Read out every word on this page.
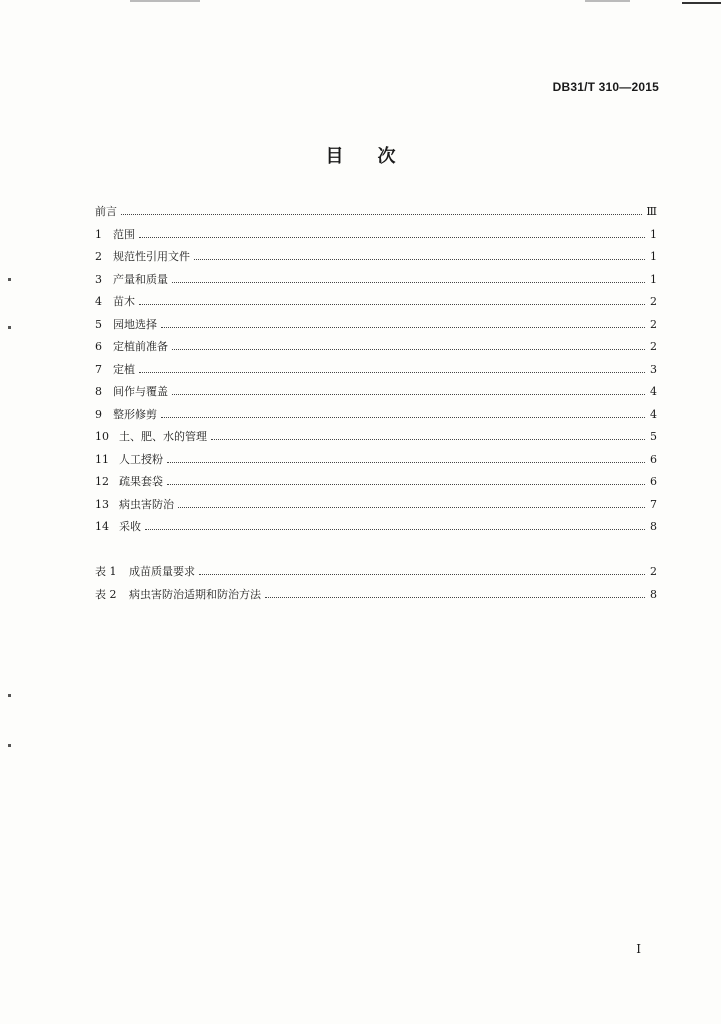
DB31/T 310—2015
目次
前言	Ⅲ
1	范围	1
2	规范性引用文件	1
3	产量和质量	1
4	苗木	2
5	园地选择	2
6	定植前准备	2
7	定植	3
8	间作与覆盖	4
9	整形修剪	4
10 土、肥、水的管理	5
11 人工授粉	6
12 疏果套袋	6
13 病虫害防治	7
14 采收	8
表 1	成苗质量要求	2
表 2	病虫害防治适期和防治方法	8
I
